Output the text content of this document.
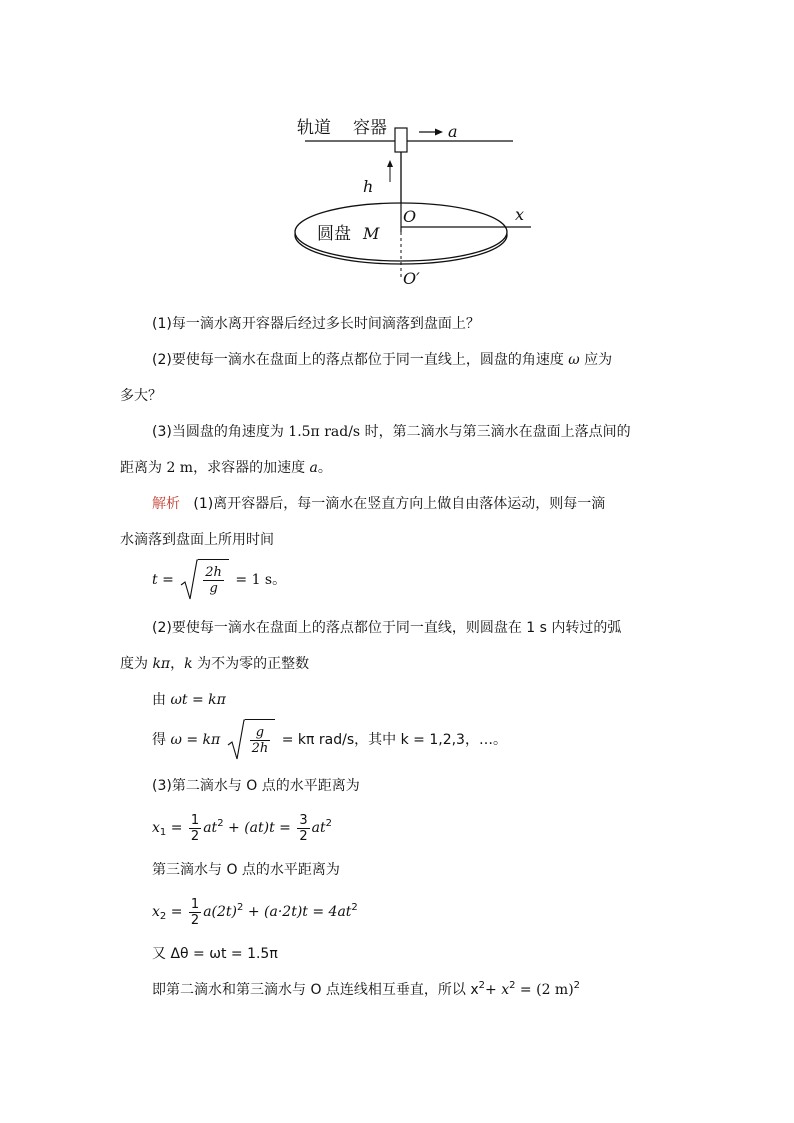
轨道 容器	a
h
x
O
圆盘 M
O′
(1)每一滴水离开容器后经过多长时间滴落到盘面上？
(2)要使每一滴水在盘面上的落点都位于同一直线上，圆盘的角速度 ω 应为
多大？
(3)当圆盘的角速度为 1.5π rad/s 时，第二滴水与第三滴水在盘面上落点间的
距离为 2 m，求容器的加速度 a。
解析 (1)离开容器后，每一滴水在竖直方向上做自由落体运动，则每一滴
水滴落到盘面上所用时间
$t = \frac{2h}{g} = 1$ s。
(2)要使每一滴水在盘面上的落点都位于同一直线，则圆盘在 1 s 内转过的弧
度为 kπ，k 为不为零的正整数
由 ωt = kπ
得 ω = kπ $\frac{g}{2h} = k\pi$ rad/s，其中 k = 1,2,3，…。
(3)第二滴水与 O 点的水平距离为
$x_1 = \frac{1}{2} at^2 + (at)t = \frac{3}{2} at^2$
第三滴水与 O 点的水平距离为
$x_2 = \frac{1}{2} a(2t)^2 + (a\cdot 2t)t = 4at^2$
又 Δθ = ωt = 1.5π
即第二滴水和第三滴水与 O 点连线相互垂直，所以 $x^2+ x^2 = (2$ m)$^2$
